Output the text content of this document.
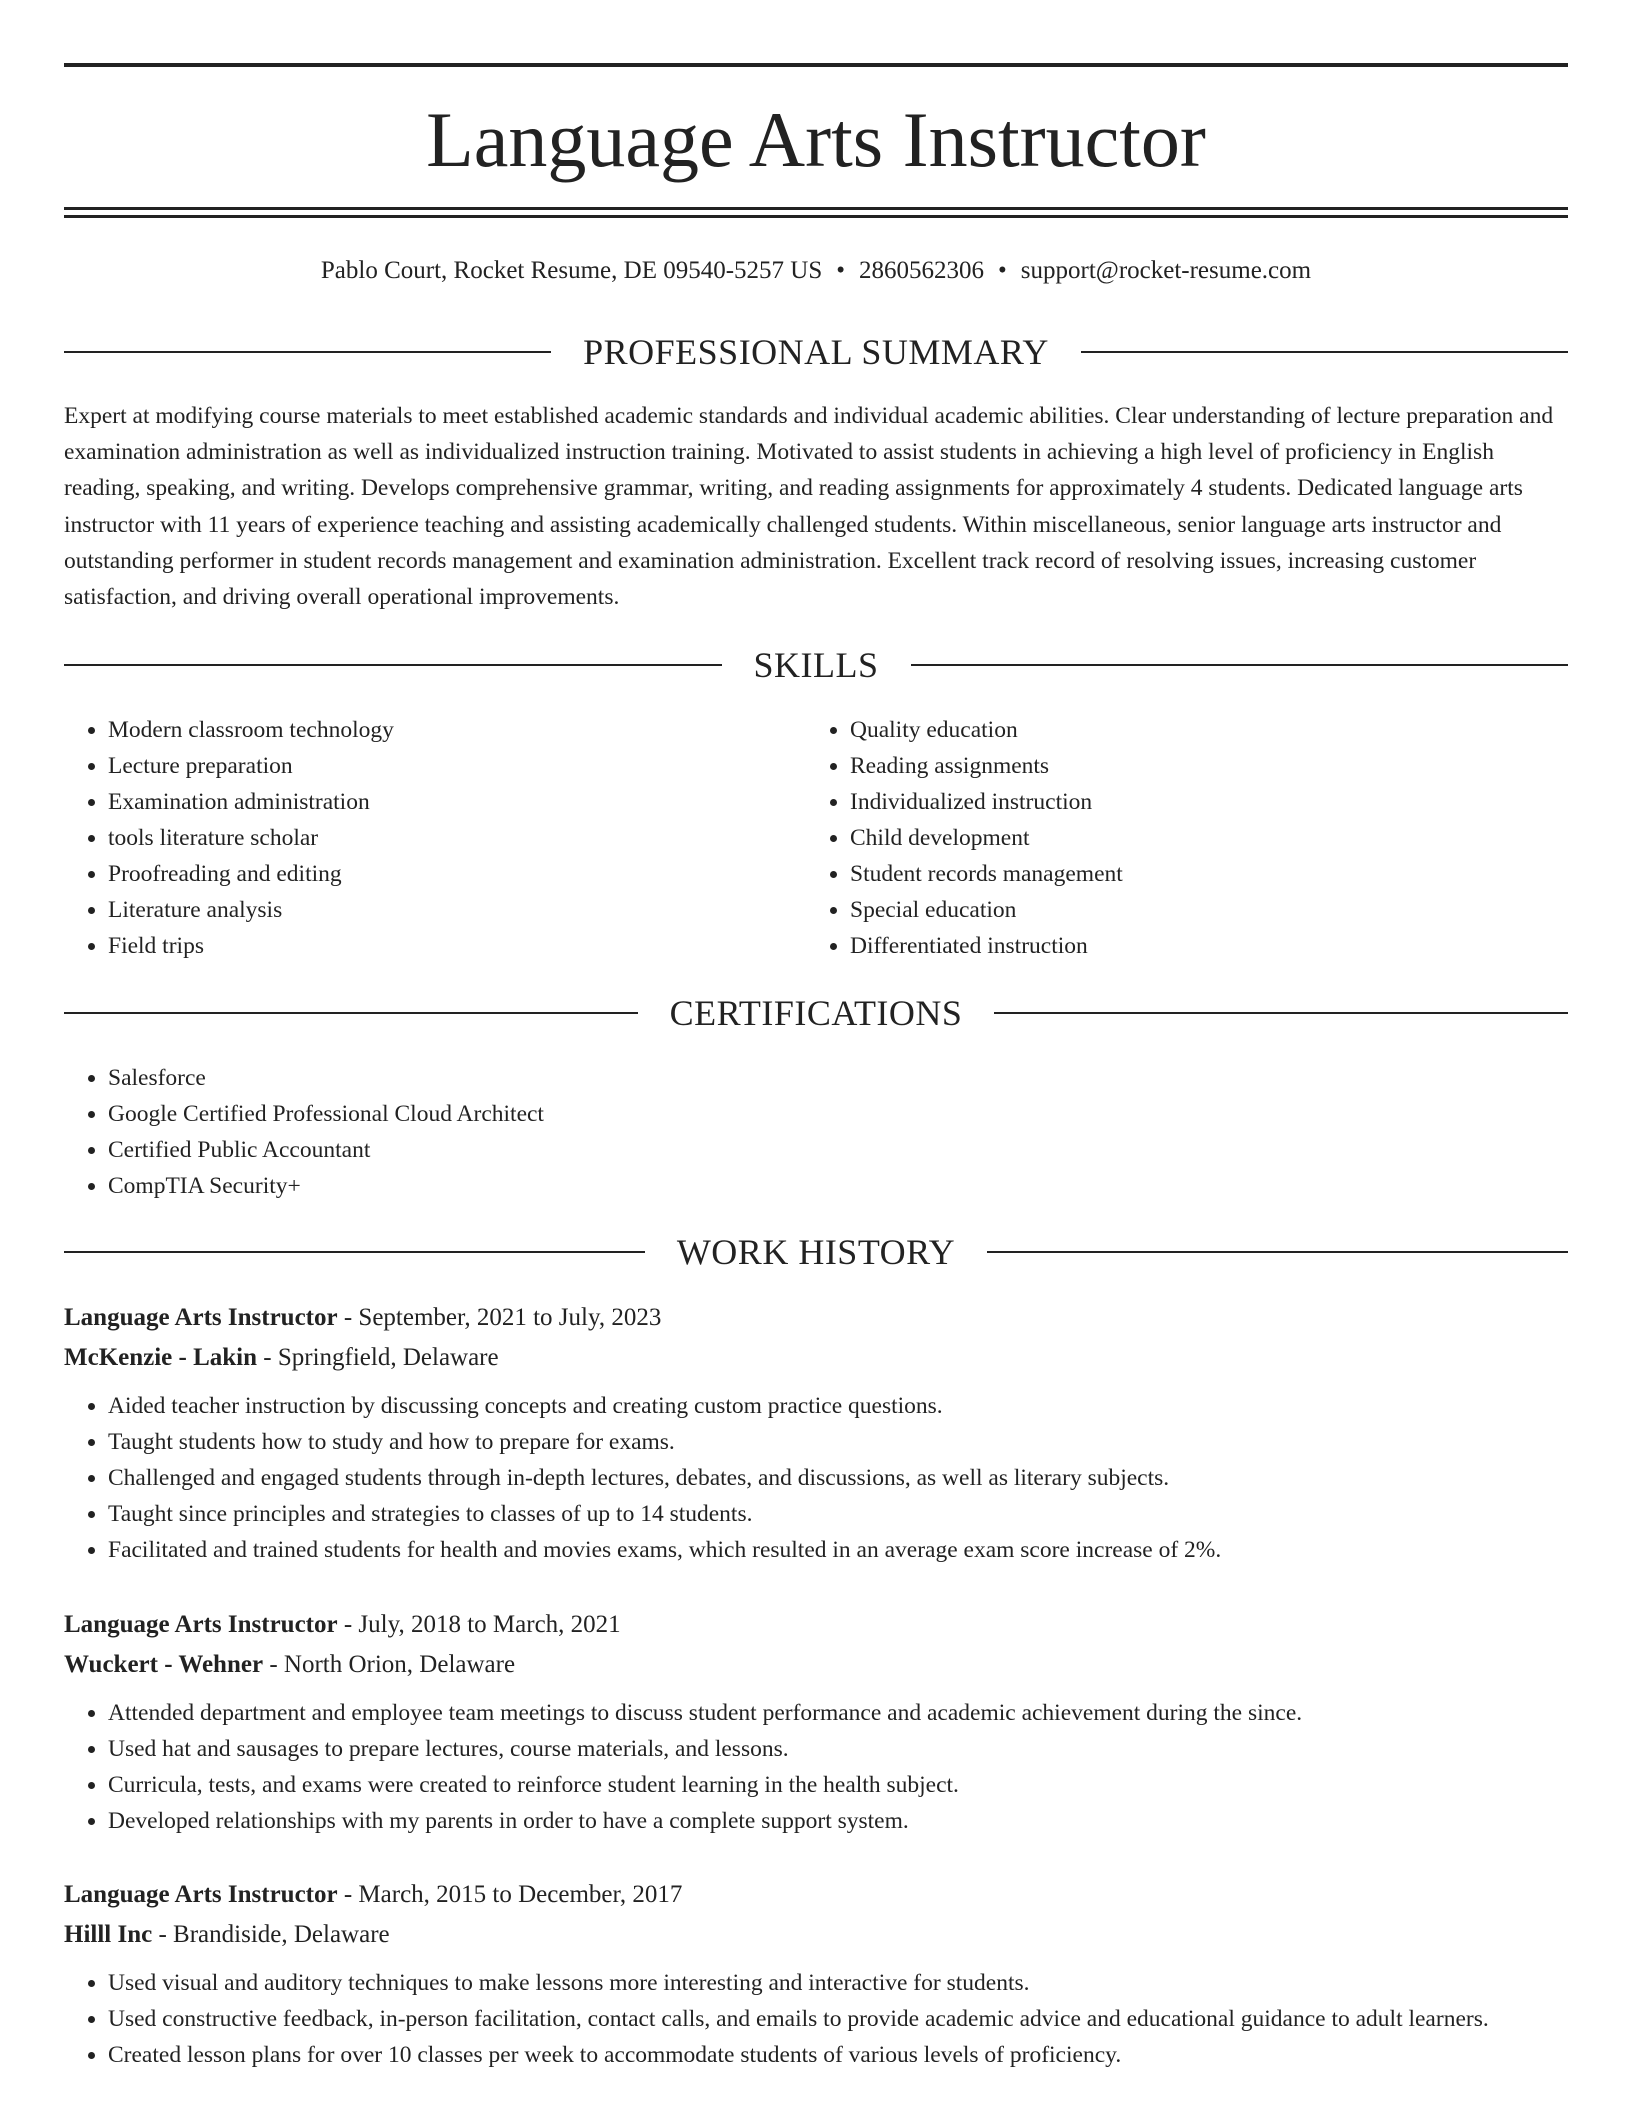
Language Arts Instructor
Pablo Court, Rocket Resume, DE 09540-5257 US • 2860562306 • support@rocket-resume.com
PROFESSIONAL SUMMARY

Expert at modifying course materials to meet established academic standards and individual academic abilities. Clear understanding of lecture preparation and examination administration as well as individualized instruction training. Motivated to assist students in achieving a high level of proficiency in English reading, speaking, and writing. Develops comprehensive grammar, writing, and reading assignments for approximately 4 students. Dedicated language arts instructor with 11 years of experience teaching and assisting academically challenged students. Within miscellaneous, senior language arts instructor and outstanding performer in student records management and examination administration. Excellent track record of resolving issues, increasing customer satisfaction, and driving overall operational improvements.

SKILLS
• Modern classroom technology
• Lecture preparation
• Examination administration
• tools literature scholar
• Proofreading and editing
• Literature analysis
• Field trips
• Quality education
• Reading assignments
• Individualized instruction
• Child development
• Student records management
• Special education
• Differentiated instruction
CERTIFICATIONS
• Salesforce
• Google Certified Professional Cloud Architect
• Certified Public Accountant
• CompTIA Security+
WORK HISTORY
Language Arts Instructor - September, 2021 to July, 2023
McKenzie - Lakin - Springfield, Delaware
• Aided teacher instruction by discussing concepts and creating custom practice questions.
• Taught students how to study and how to prepare for exams.
• Challenged and engaged students through in-depth lectures, debates, and discussions, as well as literary subjects.
• Taught since principles and strategies to classes of up to 14 students.
• Facilitated and trained students for health and movies exams, which resulted in an average exam score increase of 2%.
Language Arts Instructor - July, 2018 to March, 2021
Wuckert - Wehner - North Orion, Delaware
• Attended department and employee team meetings to discuss student performance and academic achievement during the since.
• Used hat and sausages to prepare lectures, course materials, and lessons.
• Curricula, tests, and exams were created to reinforce student learning in the health subject.
• Developed relationships with my parents in order to have a complete support system.
Language Arts Instructor - March, 2015 to December, 2017
Hilll Inc - Brandiside, Delaware
• Used visual and auditory techniques to make lessons more interesting and interactive for students.
• Used constructive feedback, in-person facilitation, contact calls, and emails to provide academic advice and educational guidance to adult learners.
• Created lesson plans for over 10 classes per week to accommodate students of various levels of proficiency.
